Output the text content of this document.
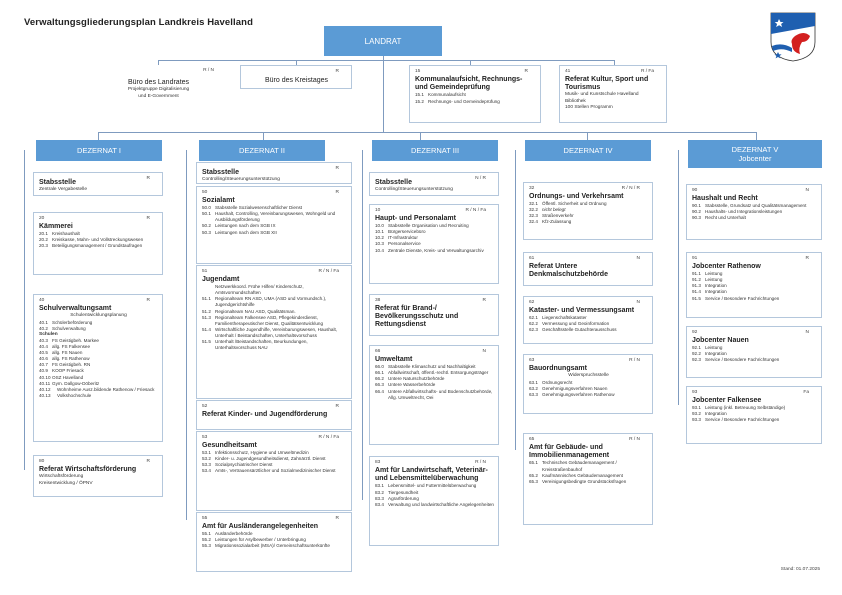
Verwaltungsgliederungsplan Landkreis Havelland
LANDRAT
R / N
Büro des Landrates
Projektgruppe Digitalisierung
und E-Government
R
Büro des Kreistages
15	R
Kommunalaufsicht, Rechnungs- und Gemeindeprüfung
15.1 Kommunalaufsicht
15.2 Rechnungs- und Gemeindeprüfung
41	R / Fa
Referat Kultur, Sport und Tourismus
Musik- und Kunstschule Havelland
Bibliothek
100 Stellen Programm
DEZERNAT I
R
Stabsstelle
Zentrale Vergabestelle
20	R
Kämmerei
20.1 Kreishaushalt
20.2 Kreiskasse, Mahn- und Vollstreckungswesen
20.3 Beteiligungsmanagement / Grundstaufragen
40	R
Schulverwaltungsamt
Schulentwicklungsplanung
40.1 Schülerbeförderung
40.2 Schulverwaltung
Schulen
40.3 FS Geistigbeh. Markee
40.4 allg. FS Falkensee
40.5 allg. FS Nauen
40.6 allg. FS Rathenow
40.7 FS Geistigbeh. RN
40.9 KOOP Friesack
40.10 OSZ Havelland
40.11 Gym. Dallgow-Döberitz
40.12	Wohnheime Ausz.bildende Rathenow / Friesack
40.13	Volkshochschule
80	R
Referat Wirtschaftsförderung
Wirtschaftsförderung
Kreisentwicklung / ÖPNV
DEZERNAT II
R
Stabsstelle
Controlling/Steuerungsunterstützung
50	R
Sozialamt
50.0 Stabsstelle Sozialwesenschaftlicher Dienst
50.1 Haushalt, Controlling, Vereinbarungswesen, Wohngeld und Ausbildungsförderung
50.2 Leistungen nach dem SGB IX
50.3 Leistungen nach dem SGB XII
51	R / N / Fa
Jugendamt
Netzwerkkoord. Frühe Hilfen/ Kinderschutz, Amtsvormundschaften
51.1 Regionalteam RN ASD, UMA (ASD und Vormundsch.), Jugendgerichtshilfe
51.2 Regionalteam NAU ASD, Qualitätsman.
51.3 Regionalteam Falkensee ASD, Pflegekinderdienst, Familientherapeutischer Dienst, Qualitätsentwicklung
51.4 Wirtschaftliche Jugendhilfe, Vereinbarungswesen, Haushalt, Unterhalt / Beistandschaften, Unterhaltsvorschuss
51.5 Unterhalt /Beistandschaften, Beurkundungen, Unterhaltsvorschuss NAU
52	R
Referat Kinder- und Jugendförderung
53	R / N / Fa
Gesundheitsamt
53.1 Infektionsschutz, Hygiene und Umweltmedizin
53.2 Kinder- u. Jugendgesundheitsdienst, Zahnärztl. Dienst
53.3 Sozialpsychiatrischer Dienst
53.4 Amts-, Vertrauensärztlicher und Sozialmedizinischer Dienst
55	R
Amt für Ausländerangelegenheiten
55.1 Ausländerbehörde
55.2 Leistungen für Asylbewerber / Unterbringung
55.3 Migrationssozialarbeit (MSA)/ Gemeinschaftsunterkünfte
DEZERNAT III
N / R
Stabsstelle
Controlling/Steuerungsunterstützung
10	R / N / Fa
Haupt- und Personalamt
10.0 Stabsstelle Organisation und Recruiting
10.1 Bürgerservicebüro
10.2 IT-Infrastruktur
10.3 Personalservice
10.4 Zentrale Dienste, Kreis- und Verwaltungsarchiv
38	R
Referat für Brand-/ Bevölkerungsschutz und Rettungsdienst
66	N
Umweltamt
66.0 Stabsstelle Klimaschutz und Nachhaltigkeit
66.1 Abfallwirtschaft, öffentl.-rechtl. Entsorgungsträger
66.2 Untere Naturschutzbehörde
66.3 Untere Wasserbehörde
66.4 Untere Abfallwirtschafts- und Bodenschutzbehörde, Allg. Umweltrecht, Oei
83	R / N
Amt für Landwirtschaft, Veterinär- und Lebensmittelüberwachung
83.1 Lebensmittel- und Futtermittelüberwachung
83.2 Tiergesundheit
83.3 Agrarförderung
83.4 Verwaltung und landwirtschaftliche Angelegenheiten
DEZERNAT IV
32	R / N / R
Ordnungs- und Verkehrsamt
32.1 Öffentl. Sicherheit und Ordnung
32.2 nicht belegt
32.3 Straßenverkehr
32.4 Kfz-Zulassung
61	N
Referat Untere Denkmalschutzbehörde
62	N
Kataster- und Vermessungsamt
62.1 Liegenschaftskataster
62.2 Vermessung und Geoinformation
62.3 Geschäftsstelle Gutachterausschuss
63	R / N
Bauordnungsamt
Widerspruchsstelle
63.1 Ordnungsrecht
63.2 Genehmigungsverfahren Nauen
63.3 Genehmigungsverfahren Rathenow
65	R / N
Amt für Gebäude- und Immobilienmanagement
65.1 Technisches Gebäudemanagement / Kreisstraßenbauhof
65.2 Kaufmännisches Gebäudemanagement
65.3 Vereinigungsbedingte Grundstücksfragen
DEZERNAT V
Jobcenter
90	N
Haushalt und Recht
90.1 Stabsstelle, Grundsatz und Qualitätsmanagement
90.2 Haushalts- und Integrationsleistungen
90.3 Recht und Unterhalt
91	R
Jobcenter Rathenow
91.1 Leistung
91.2 Leistung
91.3 Integration
91.4 Integration
91.5 Service / Besondere Fachrichtungen
92	N
Jobcenter Nauen
92.1 Leistung
92.2 Integration
92.3 Service / Besondere Fachrichtungen
93	Fa
Jobcenter Falkensee
93.1 Leistung (inkl. Betreuung Selbständige)
93.2 Integration
93.3 Service / Besondere Fachrichtungen
Stand: 01.07.2025
